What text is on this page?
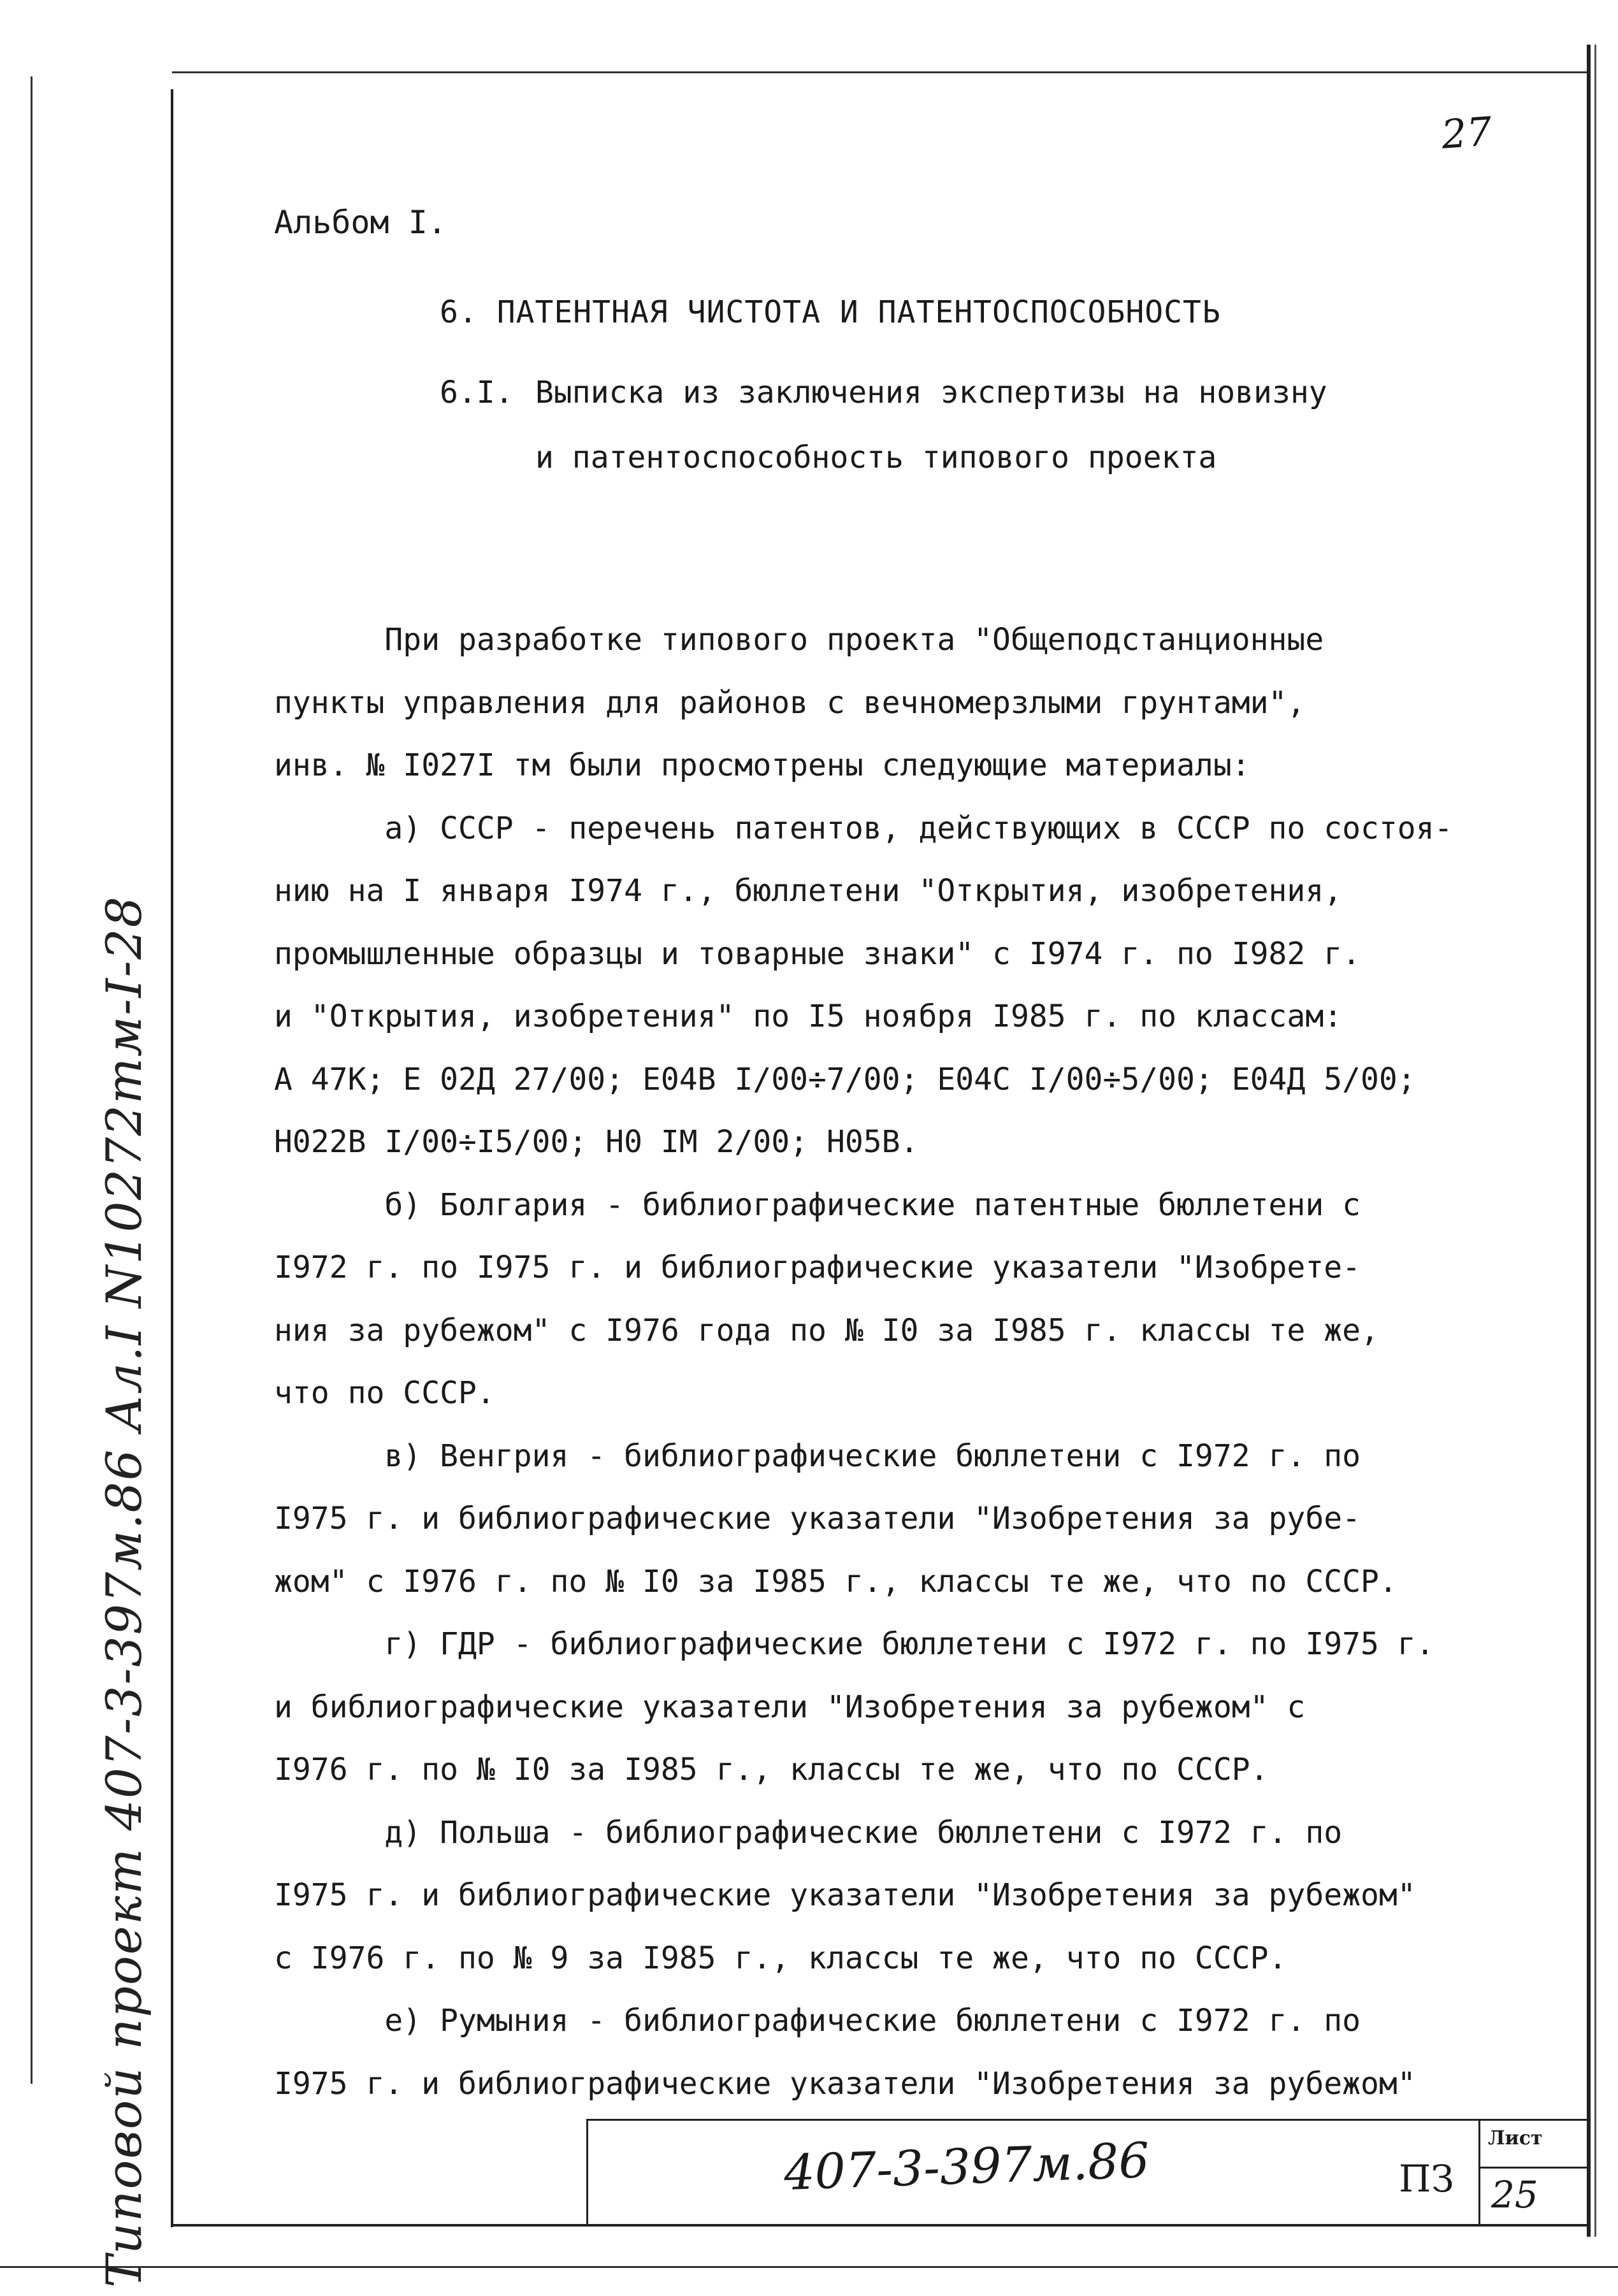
27
Типовой проект 407-3-397м.86 Ал.I N10272тм-I-28
Альбом I.
6. ПАТЕНТНАЯ ЧИСТОТА И ПАТЕНТОСПОСОБНОСТЬ
6.I. Выписка из заключения экспертизы на новизну и патентоспособность типового проекта
При разработке типового проекта "Общеподстанционные
пункты управления для районов с вечномерзлыми грунтами",
инв. № I027I тм были просмотрены следующие материалы:
а) СССР - перечень патентов, действующих в СССР по состоя-
нию на I января I974 г., бюллетени "Открытия, изобретения,
промышленные образцы и товарные знаки" с I974 г. по I982 г.
и "Открытия, изобретения" по I5 ноября I985 г. по классам:
А 47К; Е 02Д 27/00; Е04В I/00÷7/00; Е04С I/00÷5/00; Е04Д 5/00;
Н022В I/00÷I5/00; Н0 IM 2/00; Н05В.
б) Болгария - библиографические патентные бюллетени с
I972 г. по I975 г. и библиографические указатели "Изобрете-
ния за рубежом" с I976 года по № I0 за I985 г. классы те же,
что по СССР.
в) Венгрия - библиографические бюллетени с I972 г. по
I975 г. и библиографические указатели "Изобретения за рубе-
жом" с I976 г. по № I0 за I985 г., классы те же, что по СССР.
г) ГДР - библиографические бюллетени с I972 г. по I975 г.
и библиографические указатели "Изобретения за рубежом" с
I976 г. по № I0 за I985 г., классы те же, что по СССР.
д) Польша - библиографические бюллетени с I972 г. по
I975 г. и библиографические указатели "Изобретения за рубежом"
с I976 г. по № 9 за I985 г., классы те же, что по СССР.
е) Румыния - библиографические бюллетени с I972 г. по
I975 г. и библиографические указатели "Изобретения за рубежом"
407-3-397м.86	ПЗ
Лист
25
